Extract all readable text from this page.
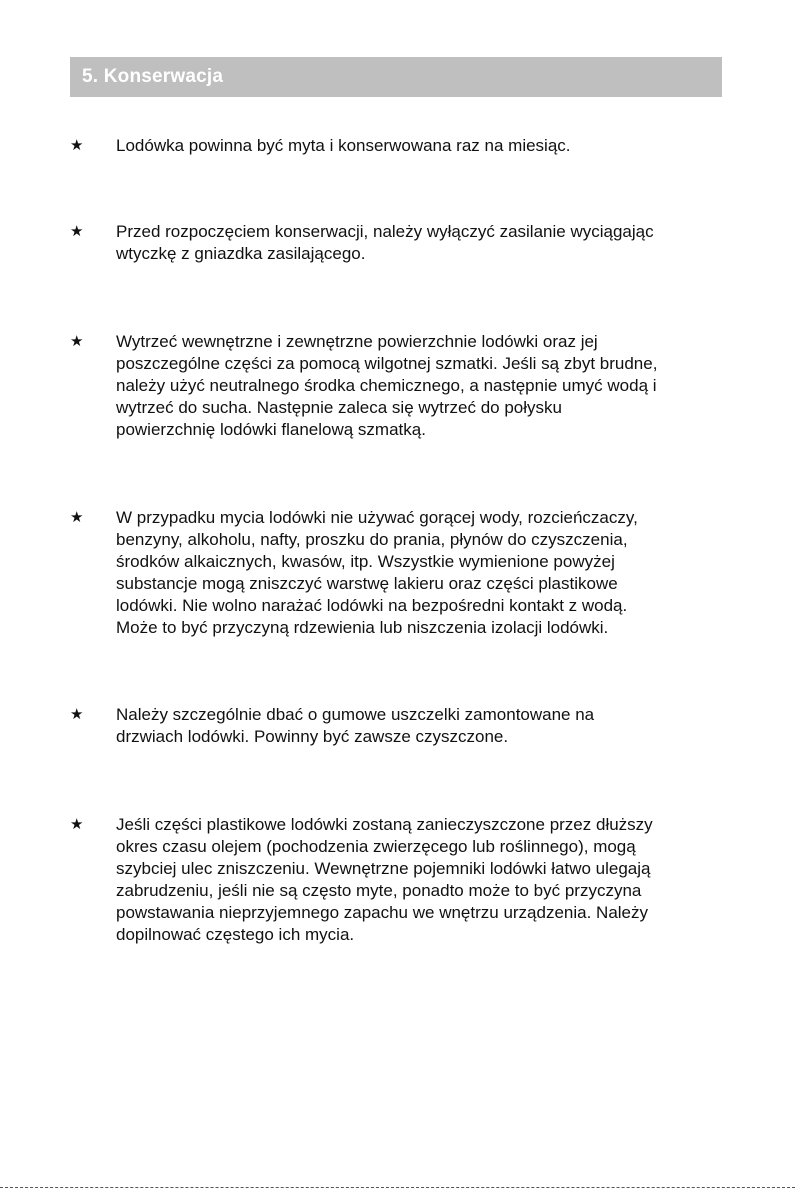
5. Konserwacja
★ Lodówka powinna być myta i konserwowana raz na miesiąc.
★ Przed rozpoczęciem konserwacji, należy wyłączyć zasilanie wyciągając
wtyczkę z gniazdka zasilającego.
★ Wytrzeć wewnętrzne i zewnętrzne powierzchnie lodówki oraz jej
poszczególne części za pomocą wilgotnej szmatki. Jeśli są zbyt brudne,
należy użyć neutralnego środka chemicznego, a następnie umyć wodą i
wytrzeć do sucha. Następnie zaleca się wytrzeć do połysku
powierzchnię lodówki flanelową szmatką.
★ W przypadku mycia lodówki nie używać gorącej wody, rozcieńczaczy,
benzyny, alkoholu, nafty, proszku do prania, płynów do czyszczenia,
środków alkaicznych, kwasów, itp. Wszystkie wymienione powyżej
substancje mogą zniszczyć warstwę lakieru oraz części plastikowe
lodówki. Nie wolno narażać lodówki na bezpośredni kontakt z wodą.
Może to być przyczyną rdzewienia lub niszczenia izolacji lodówki.
★ Należy szczególnie dbać o gumowe uszczelki zamontowane na
drzwiach lodówki. Powinny być zawsze czyszczone.
★ Jeśli części plastikowe lodówki zostaną zanieczyszczone przez dłuższy
okres czasu olejem (pochodzenia zwierzęcego lub roślinnego), mogą
szybciej ulec zniszczeniu. Wewnętrzne pojemniki lodówki łatwo ulegają
zabrudzeniu, jeśli nie są często myte, ponadto może to być przyczyna
powstawania nieprzyjemnego zapachu we wnętrzu urządzenia. Należy
dopilnować częstego ich mycia.
